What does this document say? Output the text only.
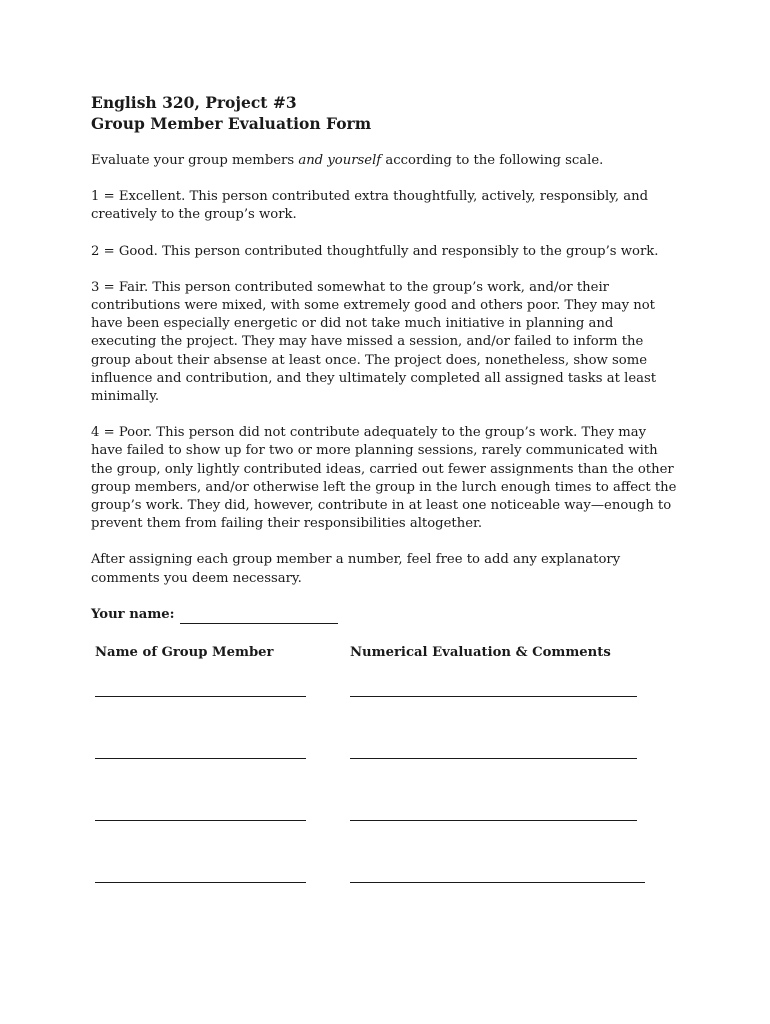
English 320, Project #3
Group Member Evaluation Form

Evaluate your group members and yourself according to the following scale.

1 = Excellent. This person contributed extra thoughtfully, actively, responsibly, and creatively to the group’s work.

2 = Good. This person contributed thoughtfully and responsibly to the group’s work.

3 = Fair. This person contributed somewhat to the group’s work, and/or their contributions were mixed, with some extremely good and others poor. They may not have been especially energetic or did not take much initiative in planning and executing the project. They may have missed a session, and/or failed to inform the group about their absense at least once. The project does, nonetheless, show some influence and contribution, and they ultimately completed all assigned tasks at least minimally.

4 = Poor. This person did not contribute adequately to the group’s work. They may have failed to show up for two or more planning sessions, rarely communicated with the group, only lightly contributed ideas, carried out fewer assignments than the other group members, and/or otherwise left the group in the lurch enough times to affect the group’s work. They did, however, contribute in at least one noticeable way—enough to prevent them from failing their responsibilities altogether.

After assigning each group member a number, feel free to add any explanatory comments you deem necessary.

Your name:
Name of Group Member	Numerical Evaluation & Comments
